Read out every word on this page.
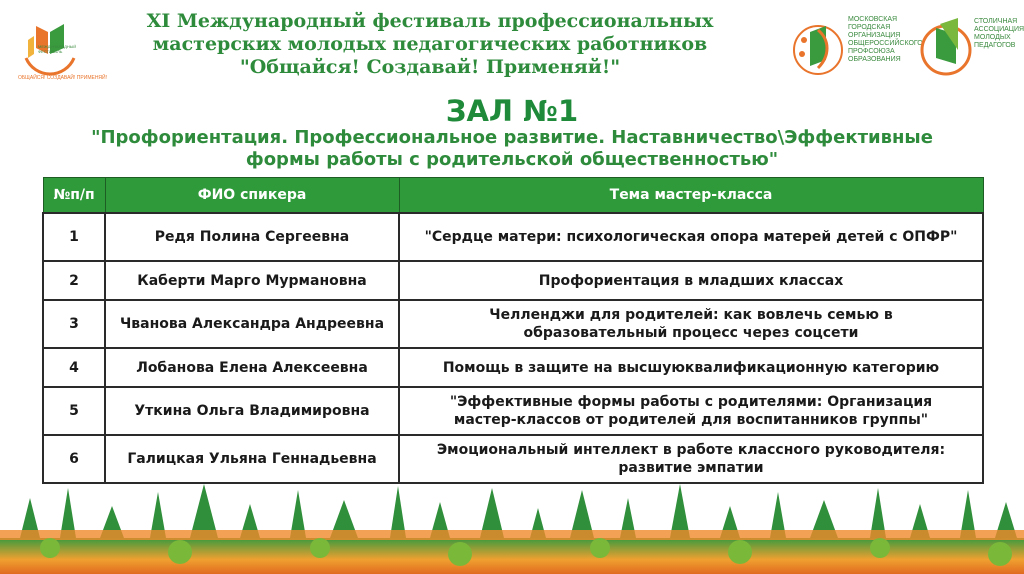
МЕЖДУНАРОДНЫЙ
ФЕСТИВАЛЬ
ОБЩАЙСЯ! СОЗДАВАЙ! ПРИМЕНЯЙ!
XI Международный фестиваль профессиональных
мастерских молодых педагогических работников
"Общайся! Создавай! Применяй!"
МОСКОВСКАЯ
ГОРОДСКАЯ
ОРГАНИЗАЦИЯ
ОБЩЕРОССИЙСКОГО
ПРОФСОЮЗА
ОБРАЗОВАНИЯ
СТОЛИЧНАЯ
АССОЦИАЦИЯ
МОЛОДЫХ
ПЕДАГОГОВ
ЗАЛ №1
"Профориентация. Профессиональное развитие. Наставничество\Эффективные
формы работы с родительской общественностью"
№п/п	ФИО спикера	Тема мастер-класса
1	Редя Полина Сергеевна	"Сердце матери: психологическая опора матерей детей с ОПФР"

2	Каберти Марго Мурмановна	Профориентация в младших классах

3	Чванова Александра Андреевна	Челленджи для родителей: как вовлечь семью в
образовательный процесс через соцсети

4	Лобанова Елена Алексеевна	Помощь в защите на высшуюквалификационную категорию

5	Уткина Ольга Владимировна	"Эффективные формы работы с родителями: Организация
мастер-классов от родителей для воспитанников группы"

6	Галицкая Ульяна Геннадьевна	Эмоциональный интеллект в работе классного руководителя:
развитие эмпатии
